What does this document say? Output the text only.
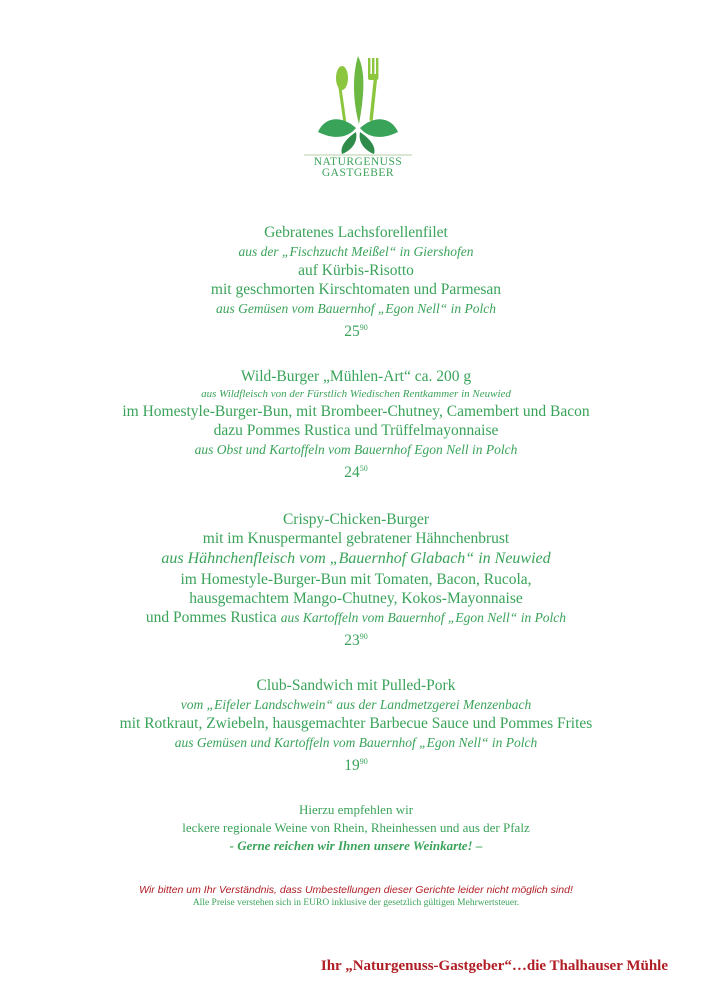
NATURGENUSS
GASTGEBER
Gebratenes Lachsforellenfilet
aus der „Fischzucht Meißel“ in Giershofen
auf Kürbis-Risotto
mit geschmorten Kirschtomaten und Parmesan
aus Gemüsen vom Bauernhof „Egon Nell“ in Polch
$25^{90}$
Wild-Burger „Mühlen-Art“ ca. 200 g
aus Wildfleisch von der Fürstlich Wiedischen Rentkammer in Neuwied
im Homestyle-Burger-Bun, mit Brombeer-Chutney, Camembert und Bacon
dazu Pommes Rustica und Trüffelmayonnaise
aus Obst und Kartoffeln vom Bauernhof Egon Nell in Polch
$24^{50}$
Crispy-Chicken-Burger
mit im Knuspermantel gebratener Hähnchenbrust
aus Hähnchenfleisch vom „Bauernhof Glabach“ in Neuwied
im Homestyle-Burger-Bun mit Tomaten, Bacon, Rucola,
hausgemachtem Mango-Chutney, Kokos-Mayonnaise
und Pommes Rustica aus Kartoffeln vom Bauernhof „Egon Nell“ in Polch
$23^{90}$
Club-Sandwich mit Pulled-Pork
vom „Eifeler Landschwein“ aus der Landmetzgerei Menzenbach
mit Rotkraut, Zwiebeln, hausgemachter Barbecue Sauce und Pommes Frites
aus Gemüsen und Kartoffeln vom Bauernhof „Egon Nell“ in Polch
$19^{90}$
Hierzu empfehlen wir
leckere regionale Weine von Rhein, Rheinhessen und aus der Pfalz
- Gerne reichen wir Ihnen unsere Weinkarte! –
Wir bitten um Ihr Verständnis, dass Umbestellungen dieser Gerichte leider nicht möglich sind!
Alle Preise verstehen sich in EURO inklusive der gesetzlich gültigen Mehrwertsteuer.
Ihr „Naturgenuss-Gastgeber“…die Thalhauser Mühle
